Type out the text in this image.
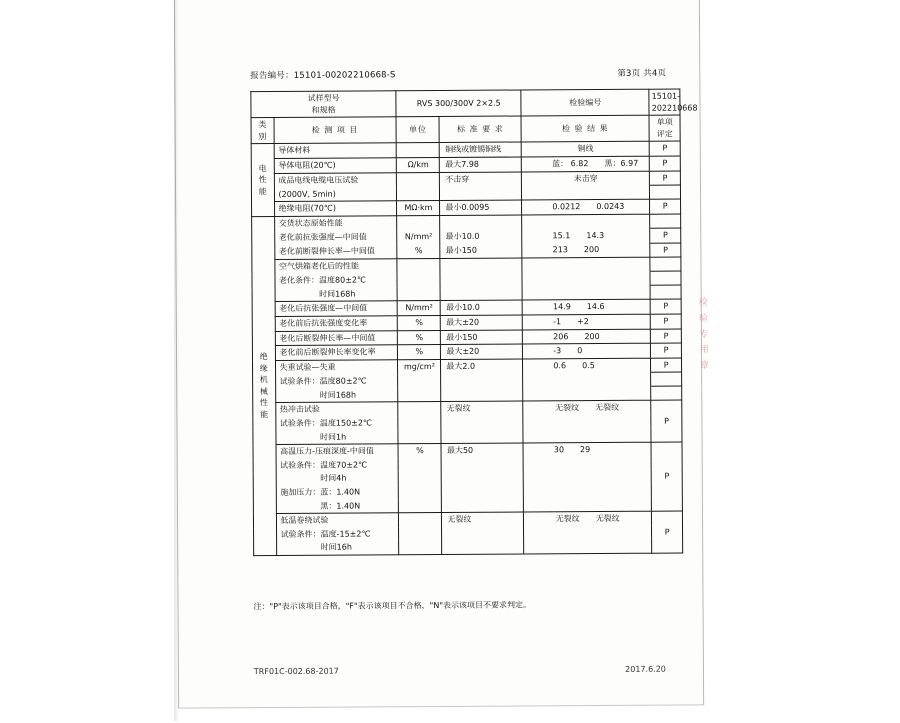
报告编号：15101-00202210668-S	第3页 共4页
试样型号
和规格		RVS 300/300V 2×2.5		检验编号	15101-202210668

类
别
	检 测 项 目	单位	标 准 要 求	检 验 结 果	
单项
评定

电
性
能	导体材料		铜线或镀锡铜线	铜线	P
	导体电阻(20℃)	Ω/km	最大7.98	蓝： 6.82　　黑：6.97	P
	成品电线电缆电压试验		不击穿	未击穿	P
	(2000V, 5min)				
	绝缘电阻(70℃)	MΩ·km	最小0.0095	0.0212　　0.0243	P

绝
缘
机
械
性
能
	交货状态原始性能				
	老化前抗张强度—中间值	N/mm²	最小10.0	15.1　　14.3	P
	老化前断裂伸长率—中间值	%	最小150	213　　200	P
	空气烘箱老化后的性能				
	老化条件：温度80±2℃				
	　　　　　时间168h				
	老化后抗张强度—中间值	N/mm²	最小10.0	14.9　　14.6	P
	老化前后抗张强度变化率	%	最大±20	-1　　+2	P
	老化后断裂伸长率—中间值	%	最小150	206　　200	P
	老化前后断裂伸长率变化率	%	最大±20	-3　　0	P
	失重试验—失重	mg/cm²	最大2.0	0.6　　0.5	P
	试验条件：温度80±2℃				
	　　　　　时间168h				
	热冲击试验		无裂纹	无裂纹　　无裂纹	P
	试验条件：温度150±2℃				
	　　　　　时间1h				
	高温压力-压痕深度-中间值	%	最大50	30　　29	P
	试验条件：温度70±2℃				
	　　　　　时间4h				
	施加压力：蓝：1.40N				
	　　　　　黑：1.40N				
	低温卷绕试验		无裂纹	无裂纹　　无裂纹	P
	试验条件：温度-15±2℃				
	　　　　　时间16h				
注："P"表示该项目合格，"F"表示该项目不合格，"N"表示该项目不要求判定。
TRF01C-002.68-2017	2017.6.20
检
验
专
用
章
